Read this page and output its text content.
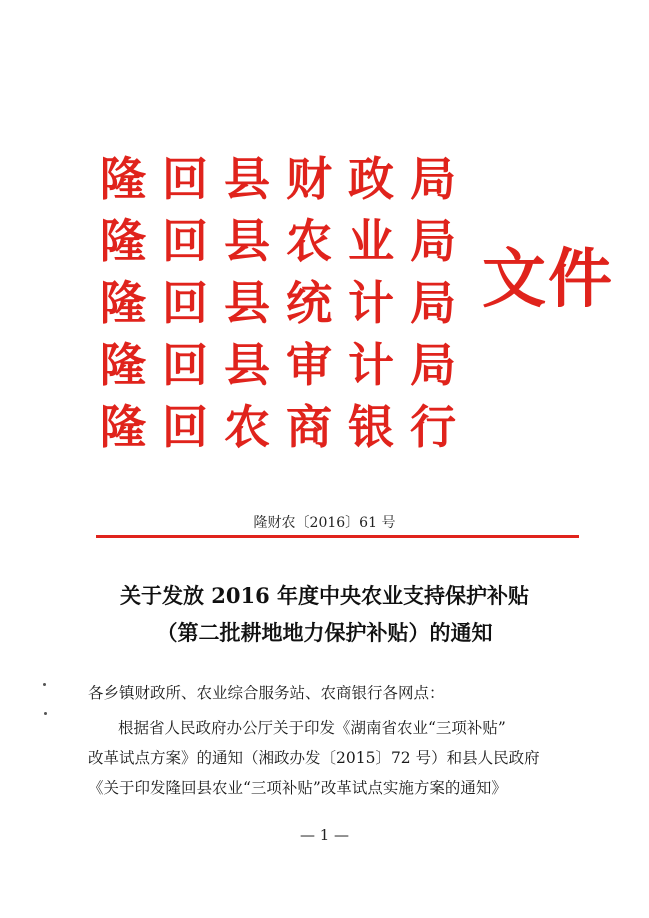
隆 回 县 财 政 局
隆 回 县 农 业 局
隆 回 县 统 计 局
隆 回 县 审 计 局
隆 回 农 商 银 行
文件
隆财农〔2016〕61 号
关于发放 2016 年度中央农业支持保护补贴
（第二批耕地地力保护补贴）的通知
各乡镇财政所、农业综合服务站、农商银行各网点：
根据省人民政府办公厅关于印发《湖南省农业“三项补贴”
改革试点方案》的通知（湘政办发〔2015〕72 号）和县人民政府
《关于印发隆回县农业“三项补贴”改革试点实施方案的通知》
— 1 —
